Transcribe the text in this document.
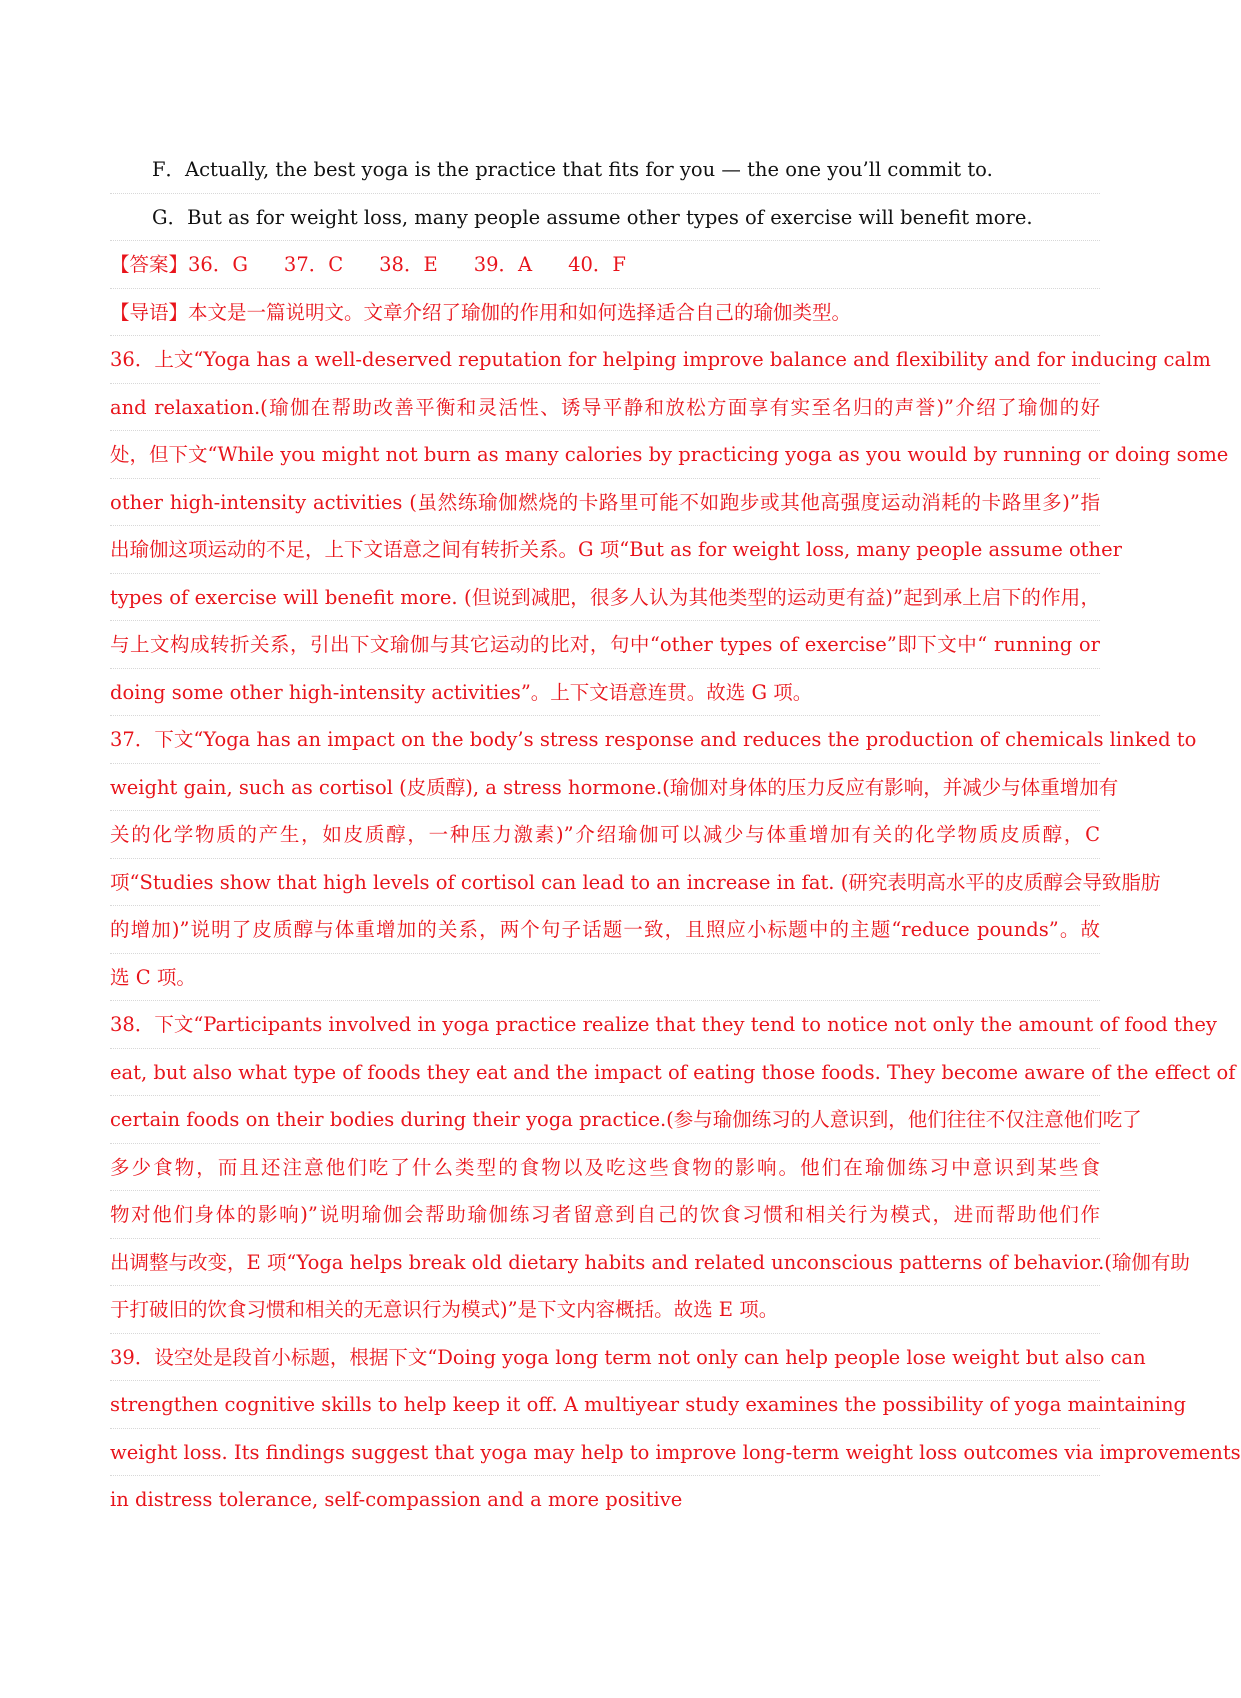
F．Actually, the best yoga is the practice that fits for you — the one you’ll commit to.
G．But as for weight loss, many people assume other types of exercise will benefit more.
【答案】36．G 37．C 38．E 39．A 40．F
【导语】本文是一篇说明文。文章介绍了瑜伽的作用和如何选择适合自己的瑜伽类型。
36．上文“Yoga has a well-deserved reputation for helping improve balance and flexibility and for inducing calm
and relaxation.(瑜伽在帮助改善平衡和灵活性、诱导平静和放松方面享有实至名归的声誉)”介绍了瑜伽的好
处，但下文“While you might not burn as many calories by practicing yoga as you would by running or doing some
other high-intensity activities (虽然练瑜伽燃烧的卡路里可能不如跑步或其他高强度运动消耗的卡路里多)”指
出瑜伽这项运动的不足，上下文语意之间有转折关系。G 项“But as for weight loss, many people assume other
types of exercise will benefit more. (但说到减肥，很多人认为其他类型的运动更有益)”起到承上启下的作用，
与上文构成转折关系，引出下文瑜伽与其它运动的比对，句中“other types of exercise”即下文中“ running or
doing some other high-intensity activities”。上下文语意连贯。故选 G 项。
37．下文“Yoga has an impact on the body’s stress response and reduces the production of chemicals linked to
weight gain, such as cortisol (皮质醇), a stress hormone.(瑜伽对身体的压力反应有影响，并减少与体重增加有
关的化学物质的产生，如皮质醇，一种压力激素)”介绍瑜伽可以减少与体重增加有关的化学物质皮质醇，C
项“Studies show that high levels of cortisol can lead to an increase in fat. (研究表明高水平的皮质醇会导致脂肪
的增加)”说明了皮质醇与体重增加的关系，两个句子话题一致，且照应小标题中的主题“reduce pounds”。故
选 C 项。
38．下文“Participants involved in yoga practice realize that they tend to notice not only the amount of food they
eat, but also what type of foods they eat and the impact of eating those foods. They become aware of the effect of
certain foods on their bodies during their yoga practice.(参与瑜伽练习的人意识到，他们往往不仅注意他们吃了
多少食物，而且还注意他们吃了什么类型的食物以及吃这些食物的影响。他们在瑜伽练习中意识到某些食
物对他们身体的影响)”说明瑜伽会帮助瑜伽练习者留意到自己的饮食习惯和相关行为模式，进而帮助他们作
出调整与改变，E 项“Yoga helps break old dietary habits and related unconscious patterns of behavior.(瑜伽有助
于打破旧的饮食习惯和相关的无意识行为模式)”是下文内容概括。故选 E 项。
39．设空处是段首小标题，根据下文“Doing yoga long term not only can help people lose weight but also can
strengthen cognitive skills to help keep it off. A multiyear study examines the possibility of yoga maintaining
weight loss. Its findings suggest that yoga may help to improve long-term weight loss outcomes via improvements
in distress tolerance, self-compassion and a more positive
